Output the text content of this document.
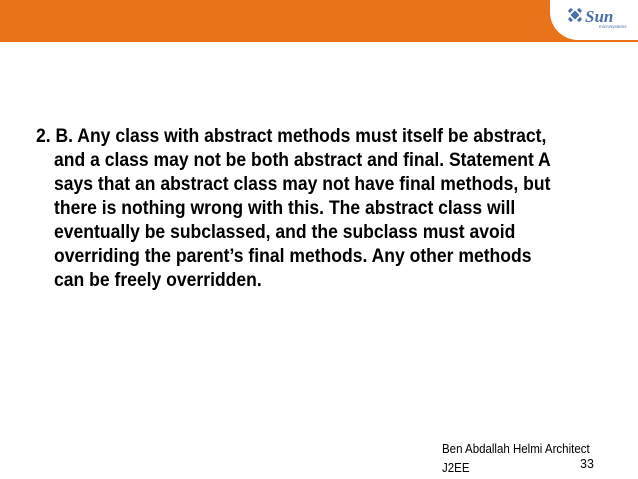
Sun
microsystems

2. B. Any class with abstract methods must itself be abstract, and a class may not be both abstract and final. Statement A says that an abstract class may not have final methods, but there is nothing wrong with this. The abstract class will eventually be subclassed, and the subclass must avoid overriding the parent’s final methods. Any other methods can be freely overridden.

Ben Abdallah Helmi Architect
J2EE	33
